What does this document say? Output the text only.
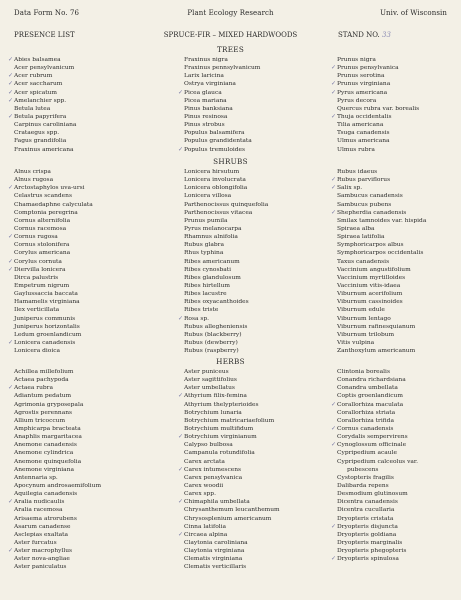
Data Form No. 76	Plant Ecology Research	Univ. of Wisconsin
PRESENCE LIST	SPRUCE-FIR – MIXED HARDWOODS	STAND NO. 33
TREES
✓ Abies balsamea
Acer pensylvanicum
✓ Acer rubrum
✓ Acer saccharum
✓ Acer spicatum
✓ Amelanchier spp.
Betula lutea
✓ Betula papyrifera
Carpinus caroliniana
Crataegus spp.
Fagus grandifolia
Fraxinus americana
Fraxinus nigra
Fraxinus pennsylvanicum
Larix laricina
Ostrya virginiana
✓ Picea glauca
Picea mariana
Pinus banksiana
Pinus resinosa
Pinus strobus
Populus balsamifera
Populus grandidentata
✓ Populus tremuloides
Prunus nigra
✓ Prunus pensylvanica
Prunus serotina
✓ Prunus virginiana
✓ Pyrus americana
Pyrus decora
Quercus rubra var. borealis
✓ Thuja occidentalis
Tilia americana
Tsuga canadensis
Ulmus americana
Ulmus rubra
SHRUBS
Alnus crispa
Alnus rugosa
✓ Arctostaphylos uva-ursi
Celastrus scandens
Chamaedaphne calyculata
Comptonia peregrina
Cornus alternifolia
Cornus racemosa
✓ Cornus rugosa
Cornus stolonifera
Corylus americana
✓ Corylus cornuta
✓ Diervilla lonicera
Dirca palustris
Empetrum nigrum
Gaylussaccia baccata
Hamamelis virginiana
Ilex verticillata
Juniperus communis
Juniperus horizontalis
Ledum groenlandicum
✓ Lonicera canadensis
Lonicera dioica
Lonicera hirsutum
Lonicera involucrata
Lonicera oblongifolia
Lonicera villosa
Parthenocissus quinquefolia
Parthenocissus vitacea
Prunus pumila
Pyrus melanocarpa
Rhamnus alnifolia
Rubus glabra
Rhus typhina
Ribes americanum
Ribes cynosbati
Ribes glandulosum
Ribes hirtellum
Ribes lacustre
Ribes oxyacanthoides
Ribes triste
✓ Rosa sp.
Rubus allegheniensis
Rubus (blackberry)
Rubus (dewberry)
Rubus (raspberry)
Rubus idaeus
✓ Rubus parviflorus
✓ Salix sp.
Sambucus canadensis
Sambucus pubens
✓ Shepherdia canadensis
Smilax tamnoides var. hispida
Spiraea alba
Spiraea latifolia
Symphoricarpos albus
Symphoricarpos occidentalis
Taxus canadensis
Vaccinium angustifolium
Vaccinium myrtilloides
Vaccinium vitis-idaea
Viburnum acerifolium
Viburnum cassinoides
Viburnum edule
Viburnum lentago
Viburnum rafinesquianum
Viburnum trilobum
Vitis vulpina
Zanthoxylum americanum
HERBS
Achillea millefolium
Actaea pachypoda
✓ Actaea rubra
Adiantum pedatum
Agrimonia gryposepala
Agrostis perennans
Allium tricoccum
Amphicarpa bracteata
Anaphlis margaritacea
Anemone canadensis
Anemone cylindrica
Anemone quinquefolia
Anemone virginiana
Antennaria sp.
Apocynum androsaemifolium
Aquilegia canadensis
✓ Aralia nudicaulis
Aralia racemosa
Arisaema atrorubens
Asarum canadense
Asclepias exaltata
Aster furcatus
✓ Aster macrophyllus
Aster nova-angliae
Aster paniculatus
Aster puniceus
Aster sagittifolius
Aster umbellatus
✓ Athyrium filix-femina
Athyrium thelypterioides
Botrychium lunaria
Botrychium matricariaefolium
Botrychium multifidum
✓ Botrychium virginianum
Calypso bulbosa
Campanula rotundifolia
Carex arctata
✓ Carex intumescens
Carex pensylvanica
Carex woodii
Carex spp.
✓ Chimaphila umbellata
Chrysanthemum leucanthemum
Chrysosplenium americanum
Cinna latifolia
✓ Circaea alpina
Claytonia caroliniana
Claytonia virginiana
Clematis virginiana
Clematis verticillaris
Clintonia borealis
Conandra richardsiana
Conandra umbellata
Coptis groenlandicum
✓ Corallorhiza maculata
Corallorhiza striata
Corallorhiza trifida
✓ Cornus canadensis
Corydalis sempervirens
✓ Cynoglossum officinale
Cypripedium acaule
Cypripedium calceolus var.
pubescens
Cystopteris fragilis
Dalibarda repens
Desmodium glutinosum
Dicentra canadensis
Dicentra cucullaria
Dryopteris cristata
✓ Dryopteris disjuncta
Dryopteris goldiana
Dryopteris marginalis
Dryopteris phegopteris
✓ Dryopteris spinulosa
